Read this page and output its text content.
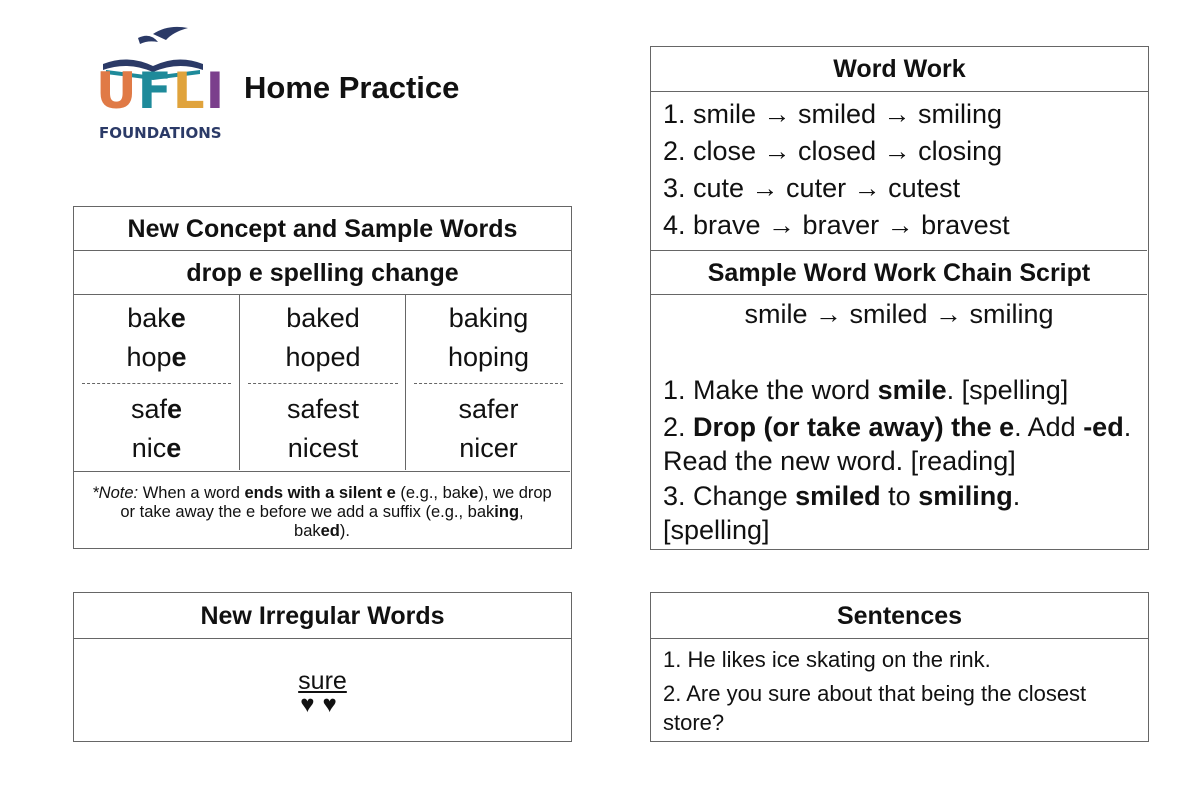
UFLI
FOUNDATIONS
Home Practice
New Concept and Sample Words
drop e spelling change
bake
hope
safe
nice
baked
hoped
safest
nicest
baking
hoping
safer
nicer
*Note: When a word ends with a silent e (e.g., bake), we drop or take away the e before we add a suffix (e.g., baking, baked).
New Irregular Words
sure
♥♥
Word Work
1. smile → smiled → smiling
2. close → closed → closing
3. cute → cuter → cutest
4. brave → braver → bravest
Sample Word Work Chain Script
smile → smiled → smiling
1. Make the word smile. [spelling]
2. Drop (or take away) the e. Add -ed. Read the new word. [reading]
3. Change smiled to smiling. [spelling]
Sentences
1. He likes ice skating on the rink.
2. Are you sure about that being the closest store?
